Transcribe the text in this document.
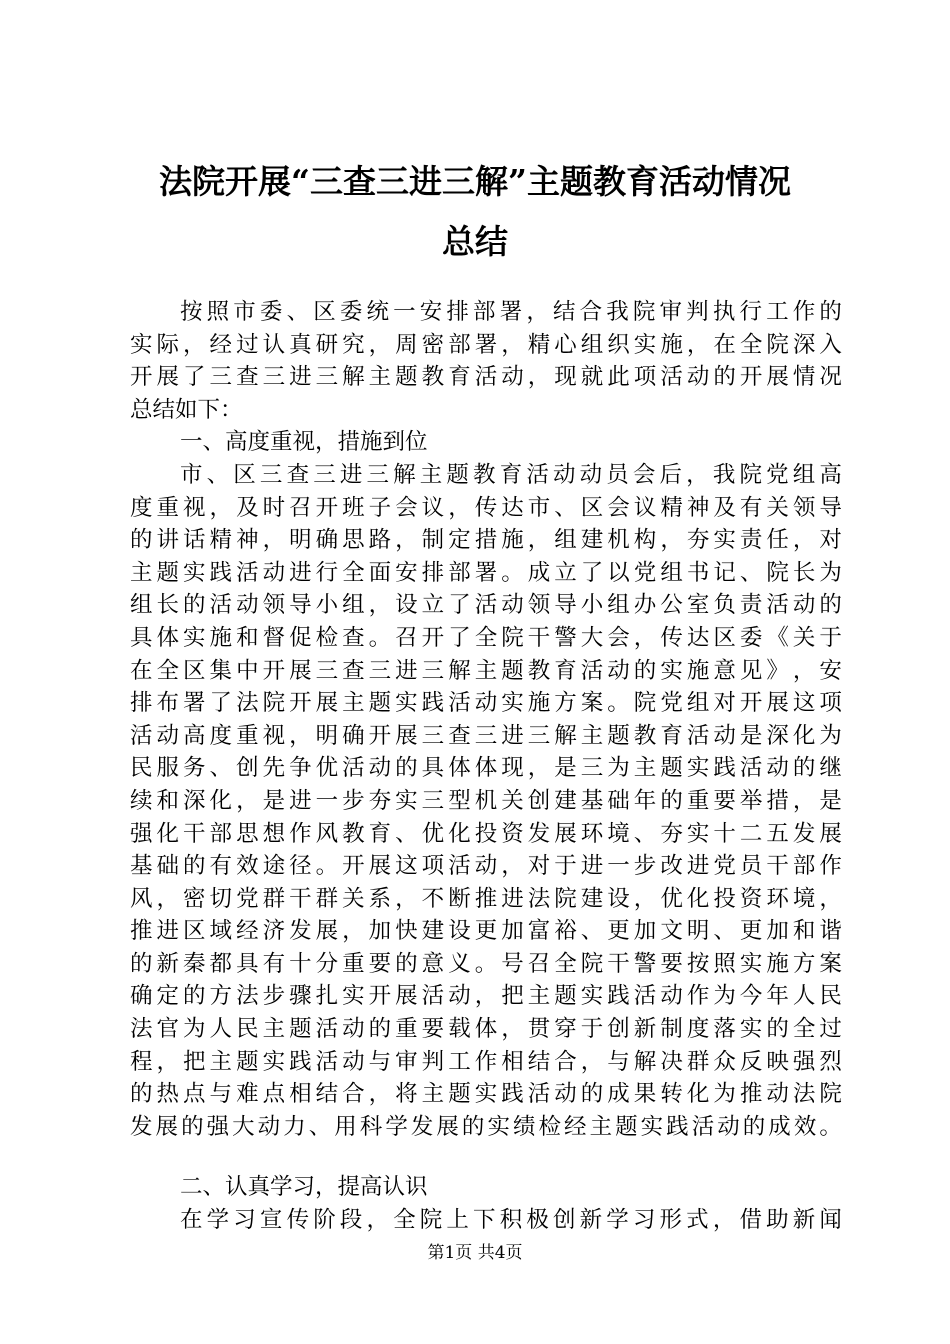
法院开展“三查三进三解”主题教育活动情况
总结
按 照 市 委 、 区 委 统 一 安 排 部 署 ， 结 合 我 院 审 判 执 行 工 作 的
实 际 ， 经 过 认 真 研 究 ， 周 密 部 署 ， 精 心 组 织 实 施 ， 在 全 院 深 入
开 展 了 三 查 三 进 三 解 主 题 教 育 活 动 ， 现 就 此 项 活 动 的 开 展 情 况
总结如下：
一、高度重视，措施到位
市 、 区 三 查 三 进 三 解 主 题 教 育 活 动 动 员 会 后 ， 我 院 党 组 高
度 重 视 ， 及 时 召 开 班 子 会 议 ， 传 达 市 、 区 会 议 精 神 及 有 关 领 导
的 讲 话 精 神 ， 明 确 思 路 ， 制 定 措 施 ， 组 建 机 构 ， 夯 实 责 任 ， 对
主 题 实 践 活 动 进 行 全 面 安 排 部 署 。 成 立 了 以 党 组 书 记 、 院 长 为
组 长 的 活 动 领 导 小 组 ， 设 立 了 活 动 领 导 小 组 办 公 室 负 责 活 动 的
具 体 实 施 和 督 促 检 查 。 召 开 了 全 院 干 警 大 会 ， 传 达 区 委 《 关 于
在 全 区 集 中 开 展 三 查 三 进 三 解 主 题 教 育 活 动 的 实 施 意 见 》 ， 安
排 布 署 了 法 院 开 展 主 题 实 践 活 动 实 施 方 案 。 院 党 组 对 开 展 这 项
活 动 高 度 重 视 ， 明 确 开 展 三 查 三 进 三 解 主 题 教 育 活 动 是 深 化 为
民 服 务 、 创 先 争 优 活 动 的 具 体 体 现 ， 是 三 为 主 题 实 践 活 动 的 继
续 和 深 化 ， 是 进 一 步 夯 实 三 型 机 关 创 建 基 础 年 的 重 要 举 措 ， 是
强 化 干 部 思 想 作 风 教 育 、 优 化 投 资 发 展 环 境 、 夯 实 十 二 五 发 展
基 础 的 有 效 途 径 。 开 展 这 项 活 动 ， 对 于 进 一 步 改 进 党 员 干 部 作
风 ， 密 切 党 群 干 群 关 系 ， 不 断 推 进 法 院 建 设 ， 优 化 投 资 环 境 ，
推 进 区 域 经 济 发 展 ， 加 快 建 设 更 加 富 裕 、 更 加 文 明 、 更 加 和 谐
的 新 秦 都 具 有 十 分 重 要 的 意 义 。 号 召 全 院 干 警 要 按 照 实 施 方 案
确 定 的 方 法 步 骤 扎 实 开 展 活 动 ， 把 主 题 实 践 活 动 作 为 今 年 人 民
法 官 为 人 民 主 题 活 动 的 重 要 载 体 ， 贯 穿 于 创 新 制 度 落 实 的 全 过
程 ， 把 主 题 实 践 活 动 与 审 判 工 作 相 结 合 ， 与 解 决 群 众 反 映 强 烈
的 热 点 与 难 点 相 结 合 ， 将 主 题 实 践 活 动 的 成 果 转 化 为 推 动 法 院
发 展 的 强 大 动 力 、 用 科 学 发 展 的 实 绩 检 经 主 题 实 践 活 动 的 成 效 。
二、认真学习，提高认识
在 学 习 宣 传 阶 段 ， 全 院 上 下 积 极 创 新 学 习 形 式 ， 借 助 新 闻
第1页 共4页
